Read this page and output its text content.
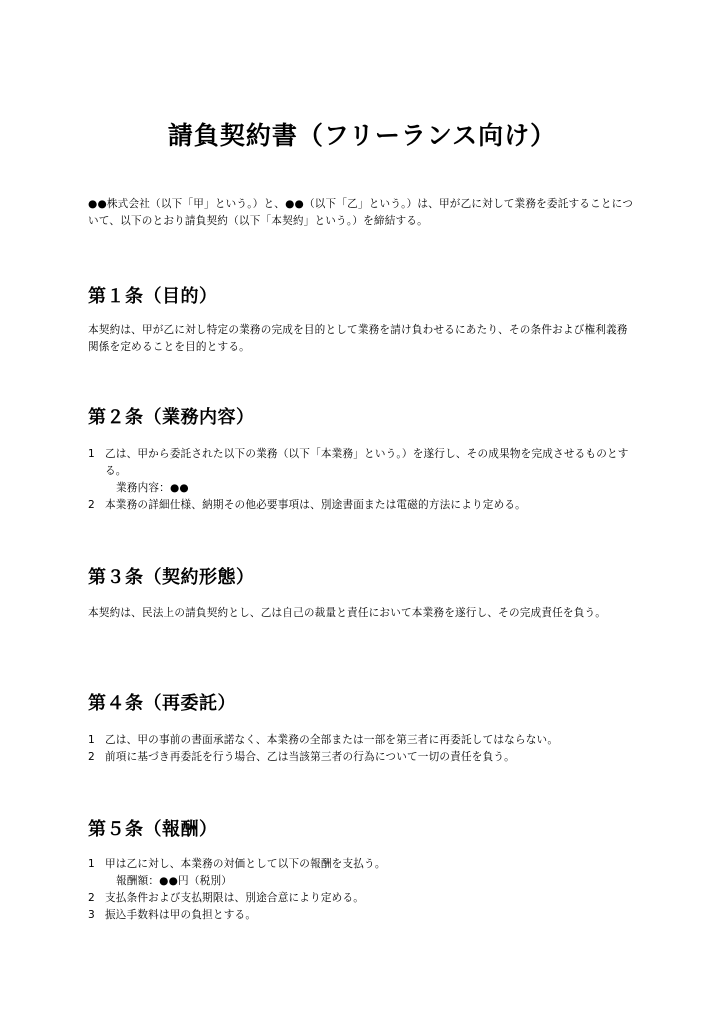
請負契約書（フリーランス向け）
●●株式会社（以下「甲」という。）と、●●（以下「乙」という。）は、甲が乙に対して業務を委託することについて、以下のとおり請負契約（以下「本契約」という。）を締結する。
第１条（目的）
本契約は、甲が乙に対し特定の業務の完成を目的として業務を請け負わせるにあたり、その条件および権利義務関係を定めることを目的とする。
第２条（業務内容）
1 乙は、甲から委託された以下の業務（以下「本業務」という。）を遂行し、その成果物を完成させるものとする。
業務内容：●●
2 本業務の詳細仕様、納期その他必要事項は、別途書面または電磁的方法により定める。
第３条（契約形態）
本契約は、民法上の請負契約とし、乙は自己の裁量と責任において本業務を遂行し、その完成責任を負う。
第４条（再委託）
1 乙は、甲の事前の書面承諾なく、本業務の全部または一部を第三者に再委託してはならない。
2 前項に基づき再委託を行う場合、乙は当該第三者の行為について一切の責任を負う。
第５条（報酬）
1 甲は乙に対し、本業務の対価として以下の報酬を支払う。
報酬額：●●円（税別）
2 支払条件および支払期限は、別途合意により定める。
3 振込手数料は甲の負担とする。
